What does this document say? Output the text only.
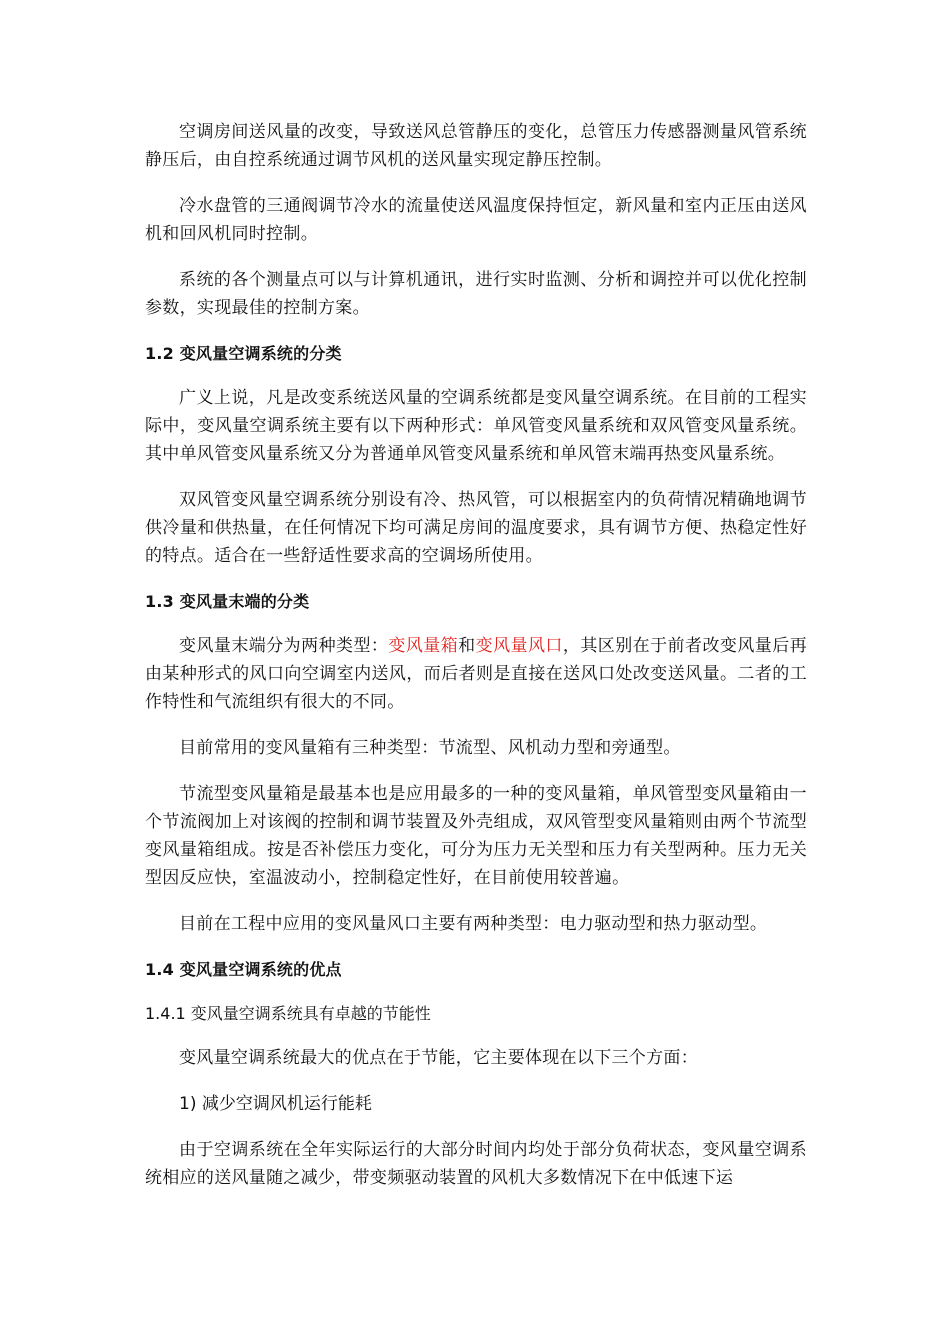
空调房间送风量的改变，导致送风总管静压的变化，总管压力传感器测量风管系统静压后，由自控系统通过调节风机的送风量实现定静压控制。

冷水盘管的三通阀调节冷水的流量使送风温度保持恒定，新风量和室内正压由送风机和回风机同时控制。

系统的各个测量点可以与计算机通讯，进行实时监测、分析和调控并可以优化控制参数，实现最佳的控制方案。

1.2 变风量空调系统的分类

广义上说，凡是改变系统送风量的空调系统都是变风量空调系统。在目前的工程实际中，变风量空调系统主要有以下两种形式：单风管变风量系统和双风管变风量系统。其中单风管变风量系统又分为普通单风管变风量系统和单风管末端再热变风量系统。

双风管变风量空调系统分别设有冷、热风管，可以根据室内的负荷情况精确地调节供冷量和供热量，在任何情况下均可满足房间的温度要求，具有调节方便、热稳定性好的特点。适合在一些舒适性要求高的空调场所使用。

1.3 变风量末端的分类

变风量末端分为两种类型：变风量箱和变风量风口，其区别在于前者改变风量后再由某种形式的风口向空调室内送风，而后者则是直接在送风口处改变送风量。二者的工作特性和气流组织有很大的不同。

目前常用的变风量箱有三种类型：节流型、风机动力型和旁通型。

节流型变风量箱是最基本也是应用最多的一种的变风量箱，单风管型变风量箱由一个节流阀加上对该阀的控制和调节装置及外壳组成，双风管型变风量箱则由两个节流型变风量箱组成。按是否补偿压力变化，可分为压力无关型和压力有关型两种。压力无关型因反应快，室温波动小，控制稳定性好，在目前使用较普遍。

目前在工程中应用的变风量风口主要有两种类型：电力驱动型和热力驱动型。

1.4 变风量空调系统的优点
1.4.1 变风量空调系统具有卓越的节能性

变风量空调系统最大的优点在于节能，它主要体现在以下三个方面：

1) 减少空调风机运行能耗

由于空调系统在全年实际运行的大部分时间内均处于部分负荷状态，变风量空调系统相应的送风量随之减少，带变频驱动装置的风机大多数情况下在中低速下运
